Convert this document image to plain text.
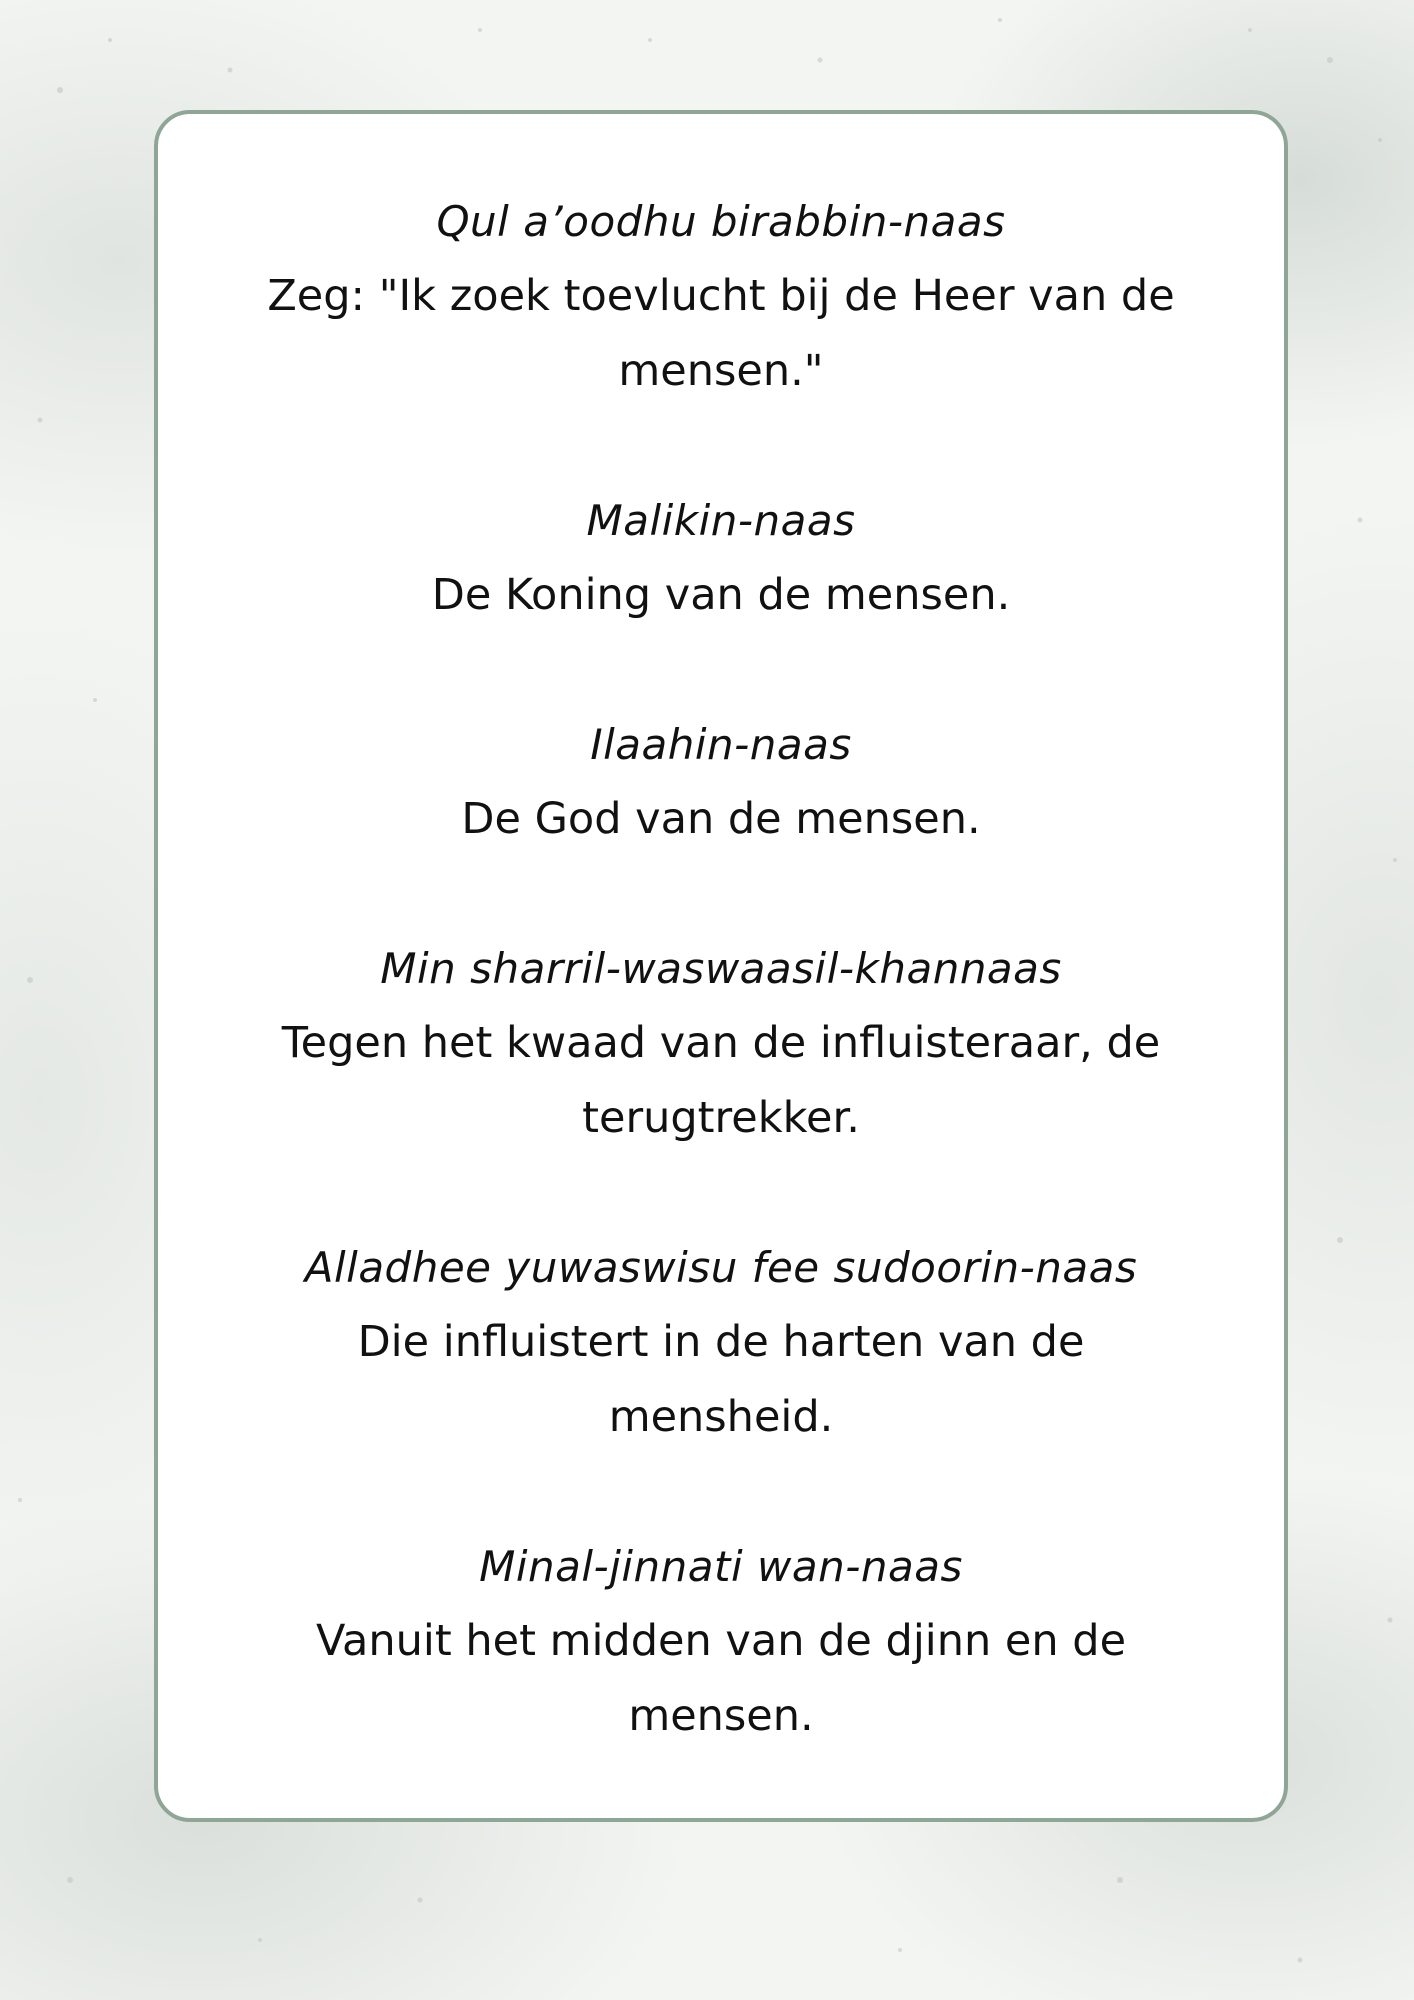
Qul a’oodhu birabbin-naas
Zeg: "Ik zoek toevlucht bij de Heer van de mensen."
Malikin-naas
De Koning van de mensen.
Ilaahin-naas
De God van de mensen.
Min sharril-waswaasil-khannaas
Tegen het kwaad van de influisteraar, de terugtrekker.
Alladhee yuwaswisu fee sudoorin-naas
Die influistert in de harten van de mensheid.
Minal-jinnati wan-naas
Vanuit het midden van de djinn en de mensen.
